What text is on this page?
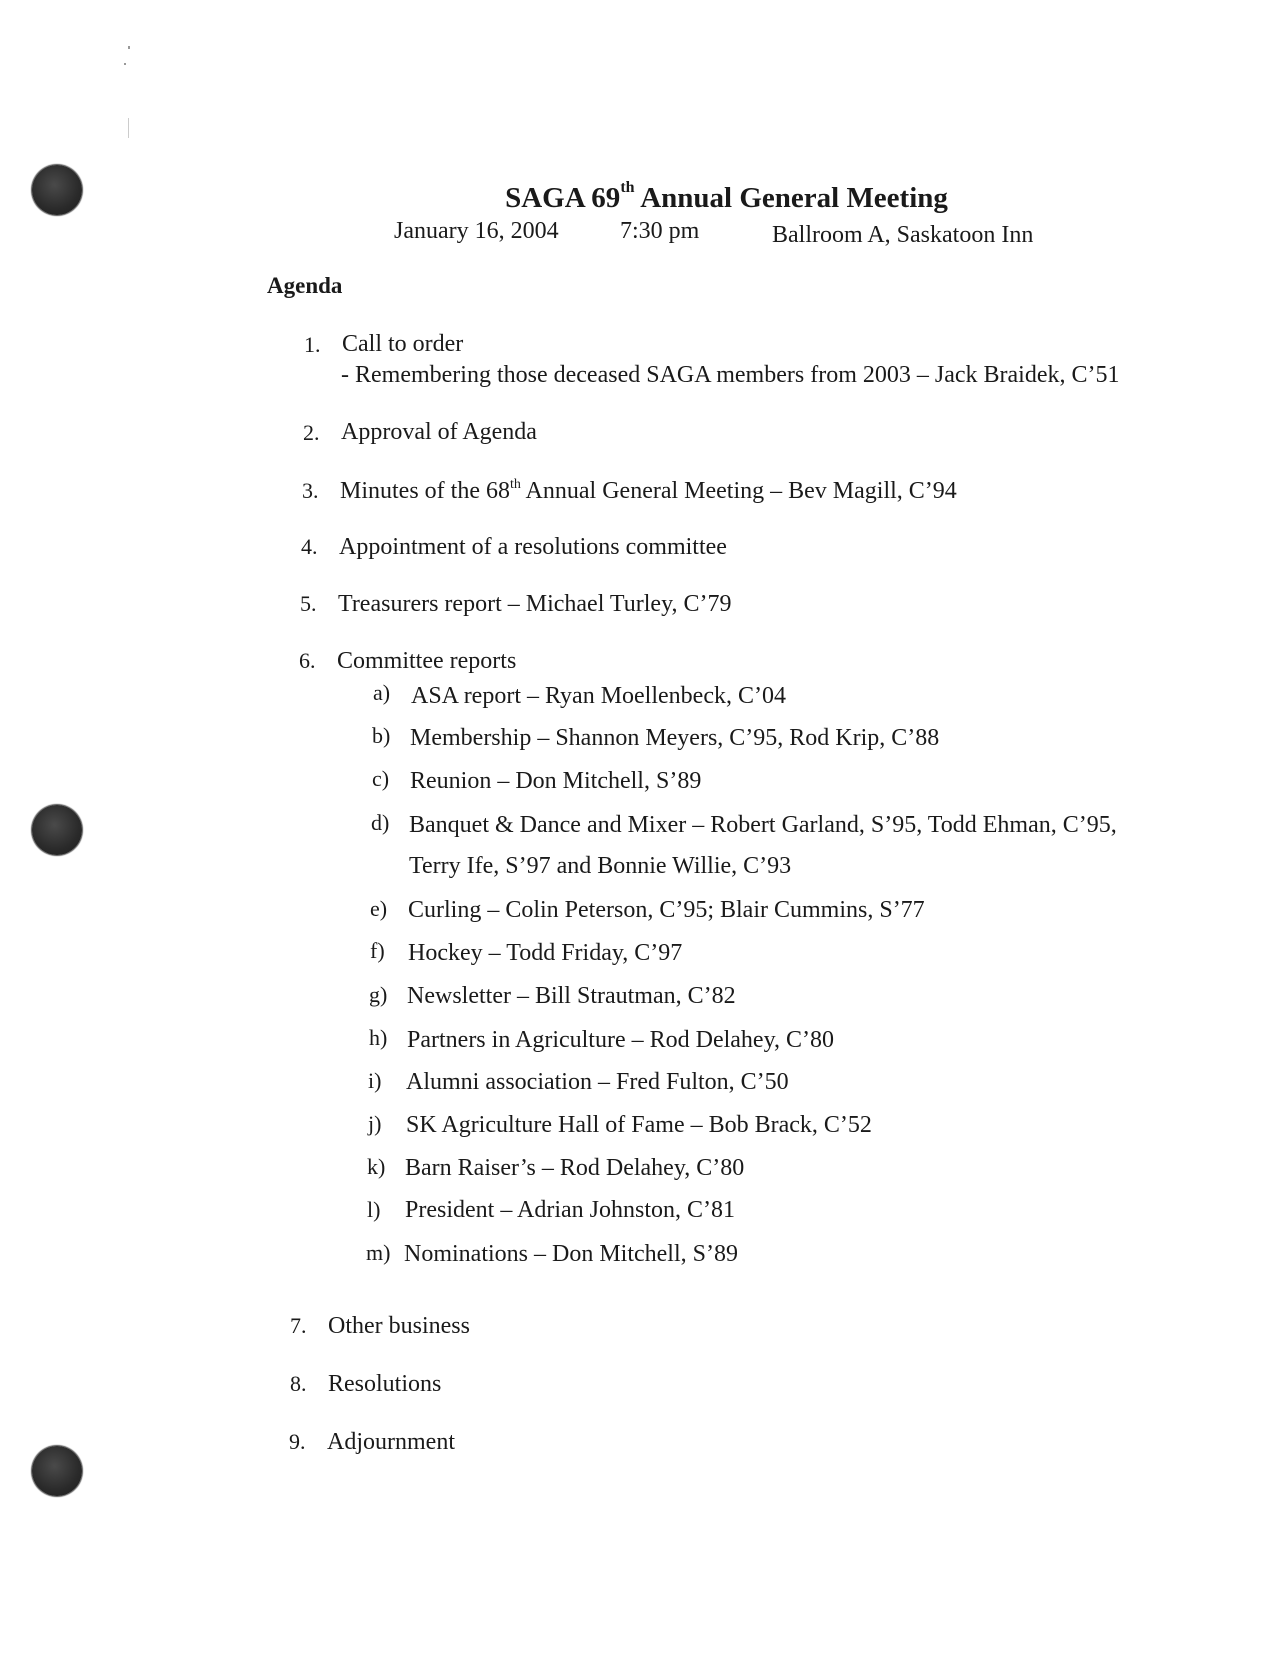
SAGA 69th Annual General Meeting
January 16, 2004	7:30 pm	Ballroom A, Saskatoon Inn
Agenda
1. Call to order
- Remembering those deceased SAGA members from 2003 – Jack Braidek, C’51
2. Approval of Agenda
3. Minutes of the 68th Annual General Meeting – Bev Magill, C’94
4. Appointment of a resolutions committee
5. Treasurers report – Michael Turley, C’79
6. Committee reports
a) ASA report – Ryan Moellenbeck, C’04
b) Membership – Shannon Meyers, C’95, Rod Krip, C’88
c) Reunion – Don Mitchell, S’89
d) Banquet & Dance and Mixer – Robert Garland, S’95, Todd Ehman, C’95,
Terry Ife, S’97 and Bonnie Willie, C’93
e) Curling – Colin Peterson, C’95; Blair Cummins, S’77
f) Hockey – Todd Friday, C’97
g) Newsletter – Bill Strautman, C’82
h) Partners in Agriculture – Rod Delahey, C’80
i) Alumni association – Fred Fulton, C’50
j) SK Agriculture Hall of Fame – Bob Brack, C’52
k) Barn Raiser’s – Rod Delahey, C’80
l) President – Adrian Johnston, C’81
m) Nominations – Don Mitchell, S’89
7. Other business
8. Resolutions
9. Adjournment
